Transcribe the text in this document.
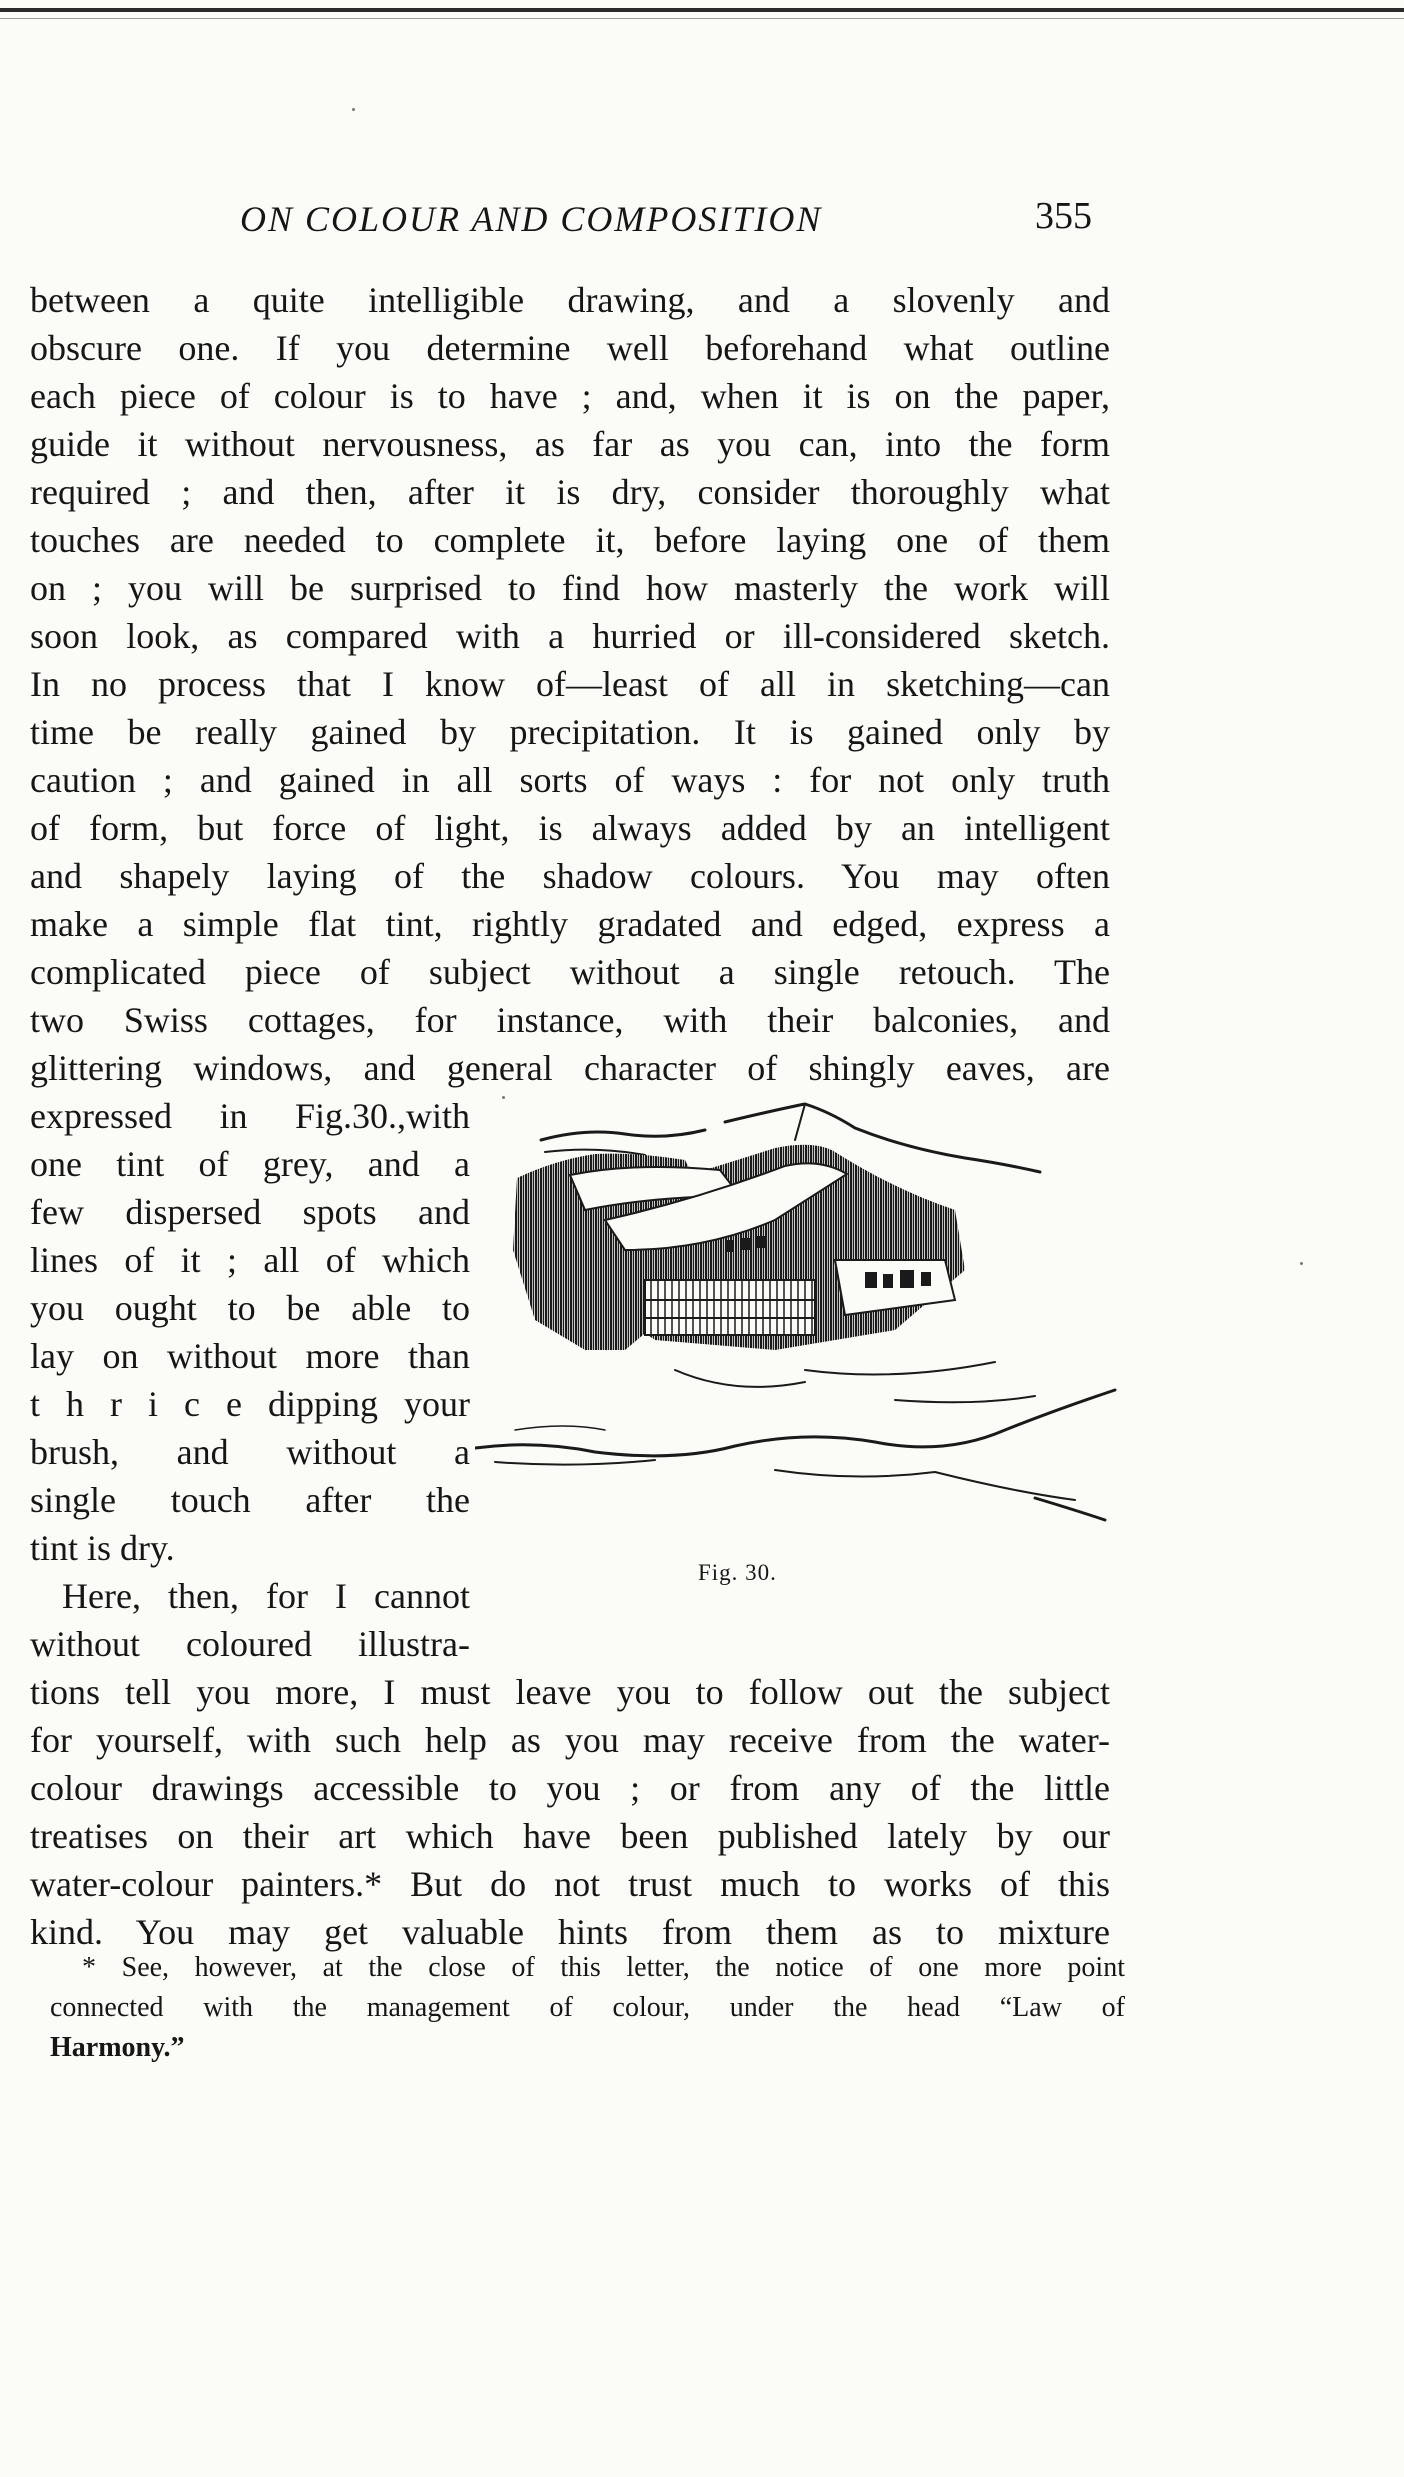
ON COLOUR AND COMPOSITION	355

between a quite intelligible drawing, and a slovenly and

obscure one. If you determine well beforehand what outline

each piece of colour is to have ; and, when it is on the paper,

guide it without nervousness, as far as you can, into the form

required ; and then, after it is dry, consider thoroughly what

touches are needed to complete it, before laying one of them

on ; you will be surprised to find how masterly the work will

soon look, as compared with a hurried or ill-considered sketch.

In no process that I know of—least of all in sketching—can

time be really gained by precipitation. It is gained only by

caution ; and gained in all sorts of ways : for not only truth

of form, but force of light, is always added by an intelligent

and shapely laying of the shadow colours. You may often

make a simple flat tint, rightly gradated and edged, express a

complicated piece of subject without a single retouch. The

two Swiss cottages, for instance, with their balconies, and

glittering windows, and general character of shingly eaves, are

expressed in Fig.30.,with

one tint of grey, and a

few dispersed spots and

lines of it ; all of which

you ought to be able to

lay on without more than

t h r i c e dipping your

brush, and without a

single touch after the

tint is dry.

Here, then, for I cannot

without coloured illustra-

tions tell you more, I must leave you to follow out the subject

for yourself, with such help as you may receive from the water-

colour drawings accessible to you ; or from any of the little

treatises on their art which have been published lately by our

water-colour painters.* But do not trust much to works of this

kind. You may get valuable hints from them as to mixture

Fig. 30.

* See, however, at the close of this letter, the notice of one more point

connected with the management of colour, under the head “Law of

Harmony.”
